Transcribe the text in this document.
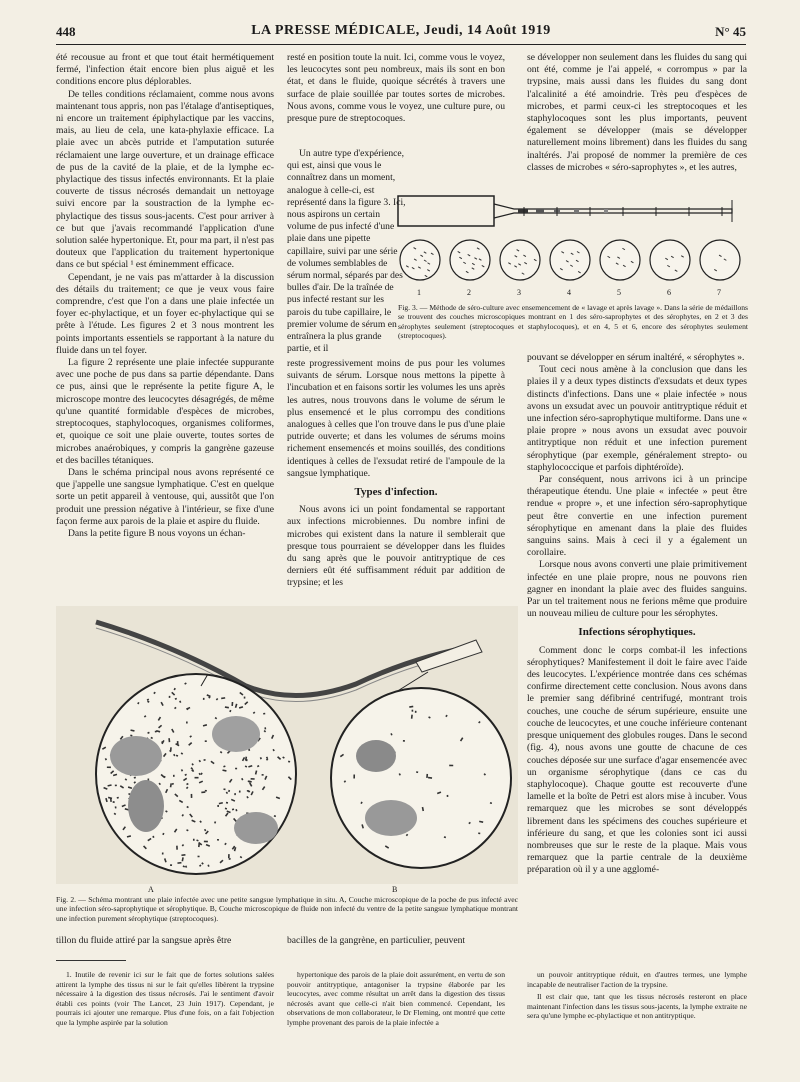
448	LA PRESSE MÉDICALE, Jeudi, 14 Août 1919	N° 45

été recousue au front et que tout était hermétiquement fermé, l'infection était encore bien plus aiguë et les conditions encore plus déplorables.

De telles conditions réclamaient, comme nous avons maintenant tous appris, non pas l'étalage d'antiseptiques, ni encore un traitement épiphylactique par les vaccins, mais, au lieu de cela, une kata-phylaxie efficace. La plaie avec un abcès putride et l'amputation suturée réclamaient une large ouverture, et un drainage efficace de pus de la cavité de la plaie, et de la lymphe ec-phylactique des tissus infectés environnants. Et la plaie couverte de tissus nécrosés demandait un nettoyage suivi encore par la soustraction de la lymphe ec-phylactique des tissus sous-jacents. C'est pour arriver à ce but que j'avais recommandé l'application d'une solution salée hypertonique. Et, pour ma part, il n'est pas douteux que l'application du traitement hypertonique dans ce but spécial ¹ est éminemment efficace.

Cependant, je ne vais pas m'attarder à la discussion des détails du traitement; ce que je veux vous faire comprendre, c'est que l'on a dans une plaie infectée un foyer ec-phylactique, et un foyer ec-phylactique qui se prête à l'étude. Les figures 2 et 3 nous montrent les points importants essentiels se rapportant à la nature du fluide dans un tel foyer.

La figure 2 représente une plaie infectée suppurante avec une poche de pus dans sa partie dépendante. Dans ce pus, ainsi que le représente la petite figure A, le microscope montre des leucocytes désagrégés, de même qu'une quantité formidable d'espèces de microbes, streptocoques, staphylocoques, organismes coliformes, et, quoique ce soit une plaie ouverte, toutes sortes de microbes anaérobiques, y compris la gangrène gazeuse et des bacilles tétaniques.

Dans le schéma principal nous avons représenté ce que j'appelle une sangsue lymphatique. C'est en quelque sorte un petit appareil à ventouse, qui, aussitôt que l'on produit une pression négative à l'intérieur, se fixe d'une façon ferme aux parois de la plaie et aspire du fluide.

Dans la petite figure B nous voyons un échan-

resté en position toute la nuit. Ici, comme vous le voyez, les leucocytes sont peu nombreux, mais ils sont en bon état, et dans le fluide, quoique sécrétés à travers une surface de plaie souillée par toutes sortes de microbes. Nous avons, comme vous le voyez, une culture pure, ou presque pure de streptocoques.

Un autre type d'expérience, qui est, ainsi que vous le connaîtrez dans un moment, analogue à celle-ci, est représenté dans la figure 3. Ici, nous aspirons un certain volume de pus infecté d'une plaie dans une pipette capillaire, suivi par une série de volumes semblables de sérum normal, séparés par des bulles d'air. De la traînée de pus infecté restant sur les parois du tube capillaire, le premier volume de sérum en entraînera la plus grande partie, et il

reste progressivement moins de pus pour les volumes suivants de sérum. Lorsque nous mettons la pipette à l'incubation et en faisons sortir les volumes les uns après les autres, nous trouvons dans le volume de sérum le plus ensemencé et le plus corrompu des conditions analogues à celles que l'on trouve dans le pus d'une plaie putride ouverte; et dans les volumes de sérums moins richement ensemencés et moins souillés, des conditions identiques à celles de l'exsudat retiré de l'ampoule de la sangsue lymphatique.

Types d'infection.

Nous avons ici un point fondamental se rapportant aux infections microbiennes. Du nombre infini de microbes qui existent dans la nature il semblerait que presque tous pourraient se développer dans les fluides du sang après que le pouvoir antitryptique de ces derniers eût été suffisamment réduit par addition de trypsine; et les

se développer non seulement dans les fluides du sang qui ont été, comme je l'ai appelé, « corrompus » par la trypsine, mais aussi dans les fluides du sang dont l'alcalinité a été amoindrie. Très peu d'espèces de microbes, et parmi ceux-ci les streptocoques et les staphylocoques sont les plus importants, peuvent également se développer (mais se développer naturellement moins librement) dans les fluides du sang inaltérés. J'ai proposé de nommer la première de ces classes de microbes « séro-saprophytes », et les autres,

1	2	3	4	5	6	7
Fig. 3. — Méthode de séro-culture avec ensemencement de « lavage et après lavage ». Dans la série de médaillons se trouvent des couches microscopiques montrant en 1 des séro-saprophytes et des sérophytes, en 2 et 3 des sérophytes seulement (streptocoques et staphylocoques), et en 4, 5 et 6, encore des sérophytes seulement (streptocoques).

pouvant se développer en sérum inaltéré, « sérophytes ».

Tout ceci nous amène à la conclusion que dans les plaies il y a deux types distincts d'exsudats et deux types distincts d'infections. Dans une « plaie infectée » nous avons un exsudat avec un pouvoir antitryptique réduit et une infection séro-saprophytique multiforme. Dans une « plaie propre » nous avons un exsudat avec pouvoir antitryptique non réduit et une infection purement sérophytique (par exemple, généralement strepto- ou staphylococcique et parfois diphtéroïde).

Par conséquent, nous arrivons ici à un principe thérapeutique étendu. Une plaie « infectée » peut être rendue « propre », et une infection séro-saprophytique peut être convertie en une infection purement sérophytique en amenant dans la plaie des fluides sanguins sains. Mais à ceci il y a également un corollaire.

Lorsque nous avons converti une plaie primitivement infectée en une plaie propre, nous ne pouvons rien gagner en inondant la plaie avec des fluides sanguins. Par un tel traitement nous ne ferions même que produire un nouveau milieu de culture pour les sérophytes.

Infections sérophytiques.

Comment donc le corps combat-il les infections sérophytiques? Manifestement il doit le faire avec l'aide des leucocytes. L'expérience montrée dans ces schémas confirme directement cette conclusion. Nous avons dans le premier sang défibriné centrifugé, montrant trois couches, une couche de sérum supérieure, ensuite une couche de leucocytes, et une couche inférieure contenant presque uniquement des globules rouges. Dans le second (fig. 4), nous avons une goutte de chacune de ces couches déposée sur une surface d'agar ensemencée avec un organisme sérophytique (dans ce cas du staphylocoque). Chaque goutte est recouverte d'une lamelle et la boîte de Petri est alors mise à incuber. Vous remarquez que les microbes se sont développés librement dans les spécimens des couches supérieure et inférieure du sang, et que les colonies sont ici aussi nombreuses que sur le reste de la plaque. Mais vous remarquez que la partie centrale de la deuxième préparation où il y a une agglomé-

A	B
Fig. 2. — Schéma montrant une plaie infectée avec une petite sangsue lymphatique in situ. A, Couche microscopique de la poche de pus infecté avec une infection séro-saprophytique et sérophytique. B, Couche microscopique de fluide non infecté du ventre de la petite sangsue lymphatique montrant une infection purement sérophytique (streptocoques).
tillon du fluide attiré par la sangsue après être	bacilles de la gangrène, en particulier, peuvent

1. Inutile de revenir ici sur le fait que de fortes solutions salées attirent la lymphe des tissus ni sur le fait qu'elles libèrent la trypsine nécessaire à la digestion des tissus nécrosés. J'ai le sentiment d'avoir établi ces points (voir The Lancet, 23 Juin 1917). Cependant, je pourrais ici ajouter une remarque. Plus d'une fois, on a fait l'objection que la lymphe aspirée par la solution

hypertonique des parois de la plaie doit assurément, en vertu de son pouvoir antitryptique, antagoniser la trypsine élaborée par les leucocytes, avec comme résultat un arrêt dans la digestion des tissus nécrosés avant que celle-ci n'ait bien commencé. Cependant, les observations de mon collaborateur, le Dr Fleming, ont montré que cette lymphe provenant des parois de la plaie infectée a

un pouvoir antitryptique réduit, en d'autres termes, une lymphe incapable de neutraliser l'action de la trypsine.

Il est clair que, tant que les tissus nécrosés resteront en place maintenant l'infection dans les tissus sous-jacents, la lymphe extraite ne sera qu'une lymphe ec-phylactique et non antitryptique.
